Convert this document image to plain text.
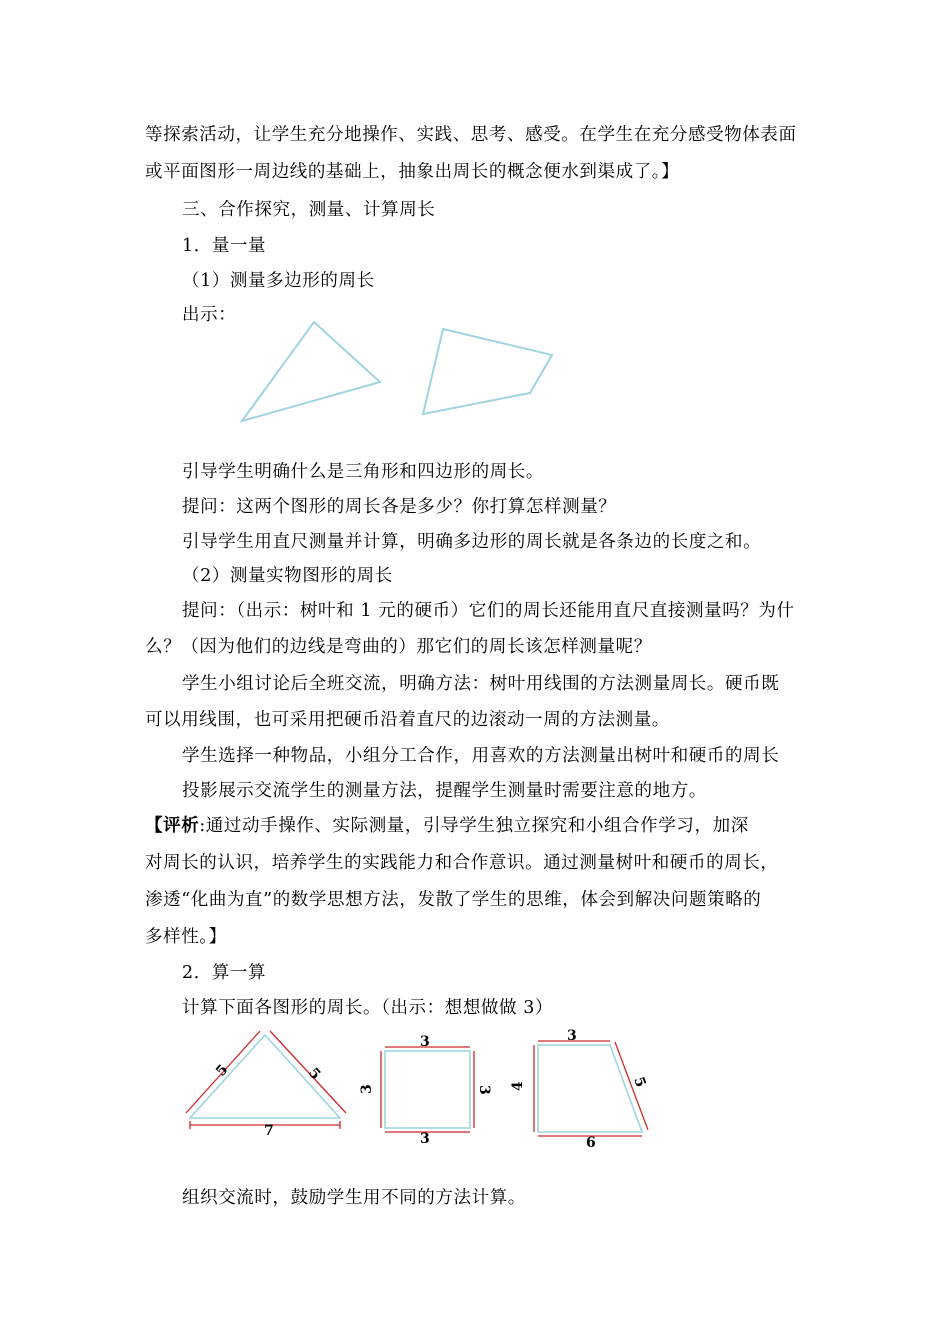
等探索活动，让学生充分地操作、实践、思考、感受。在学生在充分感受物体表面
或平面图形一周边线的基础上，抽象出周长的概念便水到渠成了。】
三、合作探究，测量、计算周长
1．量一量
（1）测量多边形的周长
出示：
引导学生明确什么是三角形和四边形的周长。
提问：这两个图形的周长各是多少？你打算怎样测量？
引导学生用直尺测量并计算，明确多边形的周长就是各条边的长度之和。
（2）测量实物图形的周长
提问：（出示：树叶和 1 元的硬币）它们的周长还能用直尺直接测量吗？为什
么？（因为他们的边线是弯曲的）那它们的周长该怎样测量呢？
学生小组讨论后全班交流，明确方法：树叶用线围的方法测量周长。硬币既
可以用线围，也可采用把硬币沿着直尺的边滚动一周的方法测量。
学生选择一种物品，小组分工合作，用喜欢的方法测量出树叶和硬币的周长
投影展示交流学生的测量方法，提醒学生测量时需要注意的地方。
【评析:通过动手操作、实际测量，引导学生独立探究和小组合作学习，加深
对周长的认识，培养学生的实践能力和合作意识。通过测量树叶和硬币的周长，
渗透“化曲为直”的数学思想方法，发散了学生的思维，体会到解决问题策略的
多样性。】
2．算一算
计算下面各图形的周长。（出示：想想做做 3）
5	5
7
3
3
3	3
3
4	5
6
组织交流时，鼓励学生用不同的方法计算。
